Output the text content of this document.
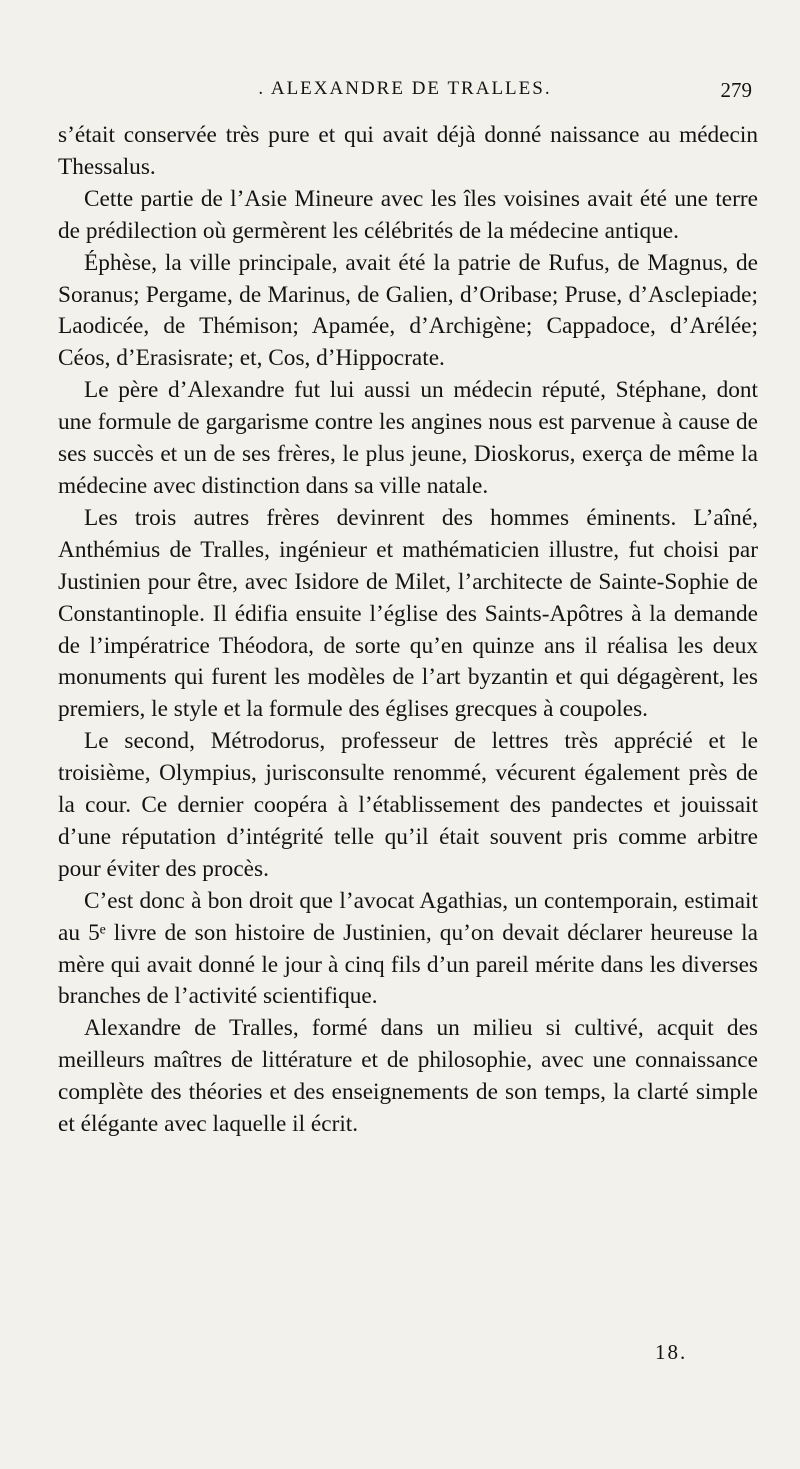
. ALEXANDRE DE TRALLES.	279

s’était conservée très pure et qui avait déjà donné naissance au médecin Thessalus.

Cette partie de l’Asie Mineure avec les îles voisines avait été une terre de prédilection où germèrent les célébrités de la médecine antique.

Éphèse, la ville principale, avait été la patrie de Rufus, de Magnus, de Soranus; Pergame, de Marinus, de Galien, d’Oribase; Pruse, d’Asclepiade; Laodicée, de Thémison; Apamée, d’Archigène; Cappadoce, d’Arélée; Céos, d’Erasisrate; et, Cos, d’Hippocrate.

Le père d’Alexandre fut lui aussi un médecin réputé, Stéphane, dont une formule de gargarisme contre les angines nous est parvenue à cause de ses succès et un de ses frères, le plus jeune, Dioskorus, exerça de même la médecine avec distinction dans sa ville natale.

Les trois autres frères devinrent des hommes éminents. L’aîné, Anthémius de Tralles, ingénieur et mathématicien illustre, fut choisi par Justinien pour être, avec Isidore de Milet, l’architecte de Sainte-Sophie de Constantinople. Il édifia ensuite l’église des Saints-Apôtres à la demande de l’impératrice Théodora, de sorte qu’en quinze ans il réalisa les deux monuments qui furent les modèles de l’art byzantin et qui dégagèrent, les premiers, le style et la formule des églises grecques à coupoles.

Le second, Métrodorus, professeur de lettres très apprécié et le troisième, Olympius, jurisconsulte renommé, vécurent également près de la cour. Ce dernier coopéra à l’établissement des pandectes et jouissait d’une réputation d’intégrité telle qu’il était souvent pris comme arbitre pour éviter des procès.

C’est donc à bon droit que l’avocat Agathias, un contemporain, estimait au 5ᵉ livre de son histoire de Justinien, qu’on devait déclarer heureuse la mère qui avait donné le jour à cinq fils d’un pareil mérite dans les diverses branches de l’activité scientifique.

Alexandre de Tralles, formé dans un milieu si cultivé, acquit des meilleurs maîtres de littérature et de philosophie, avec une connaissance complète des théories et des enseignements de son temps, la clarté simple et élégante avec laquelle il écrit.

18.
